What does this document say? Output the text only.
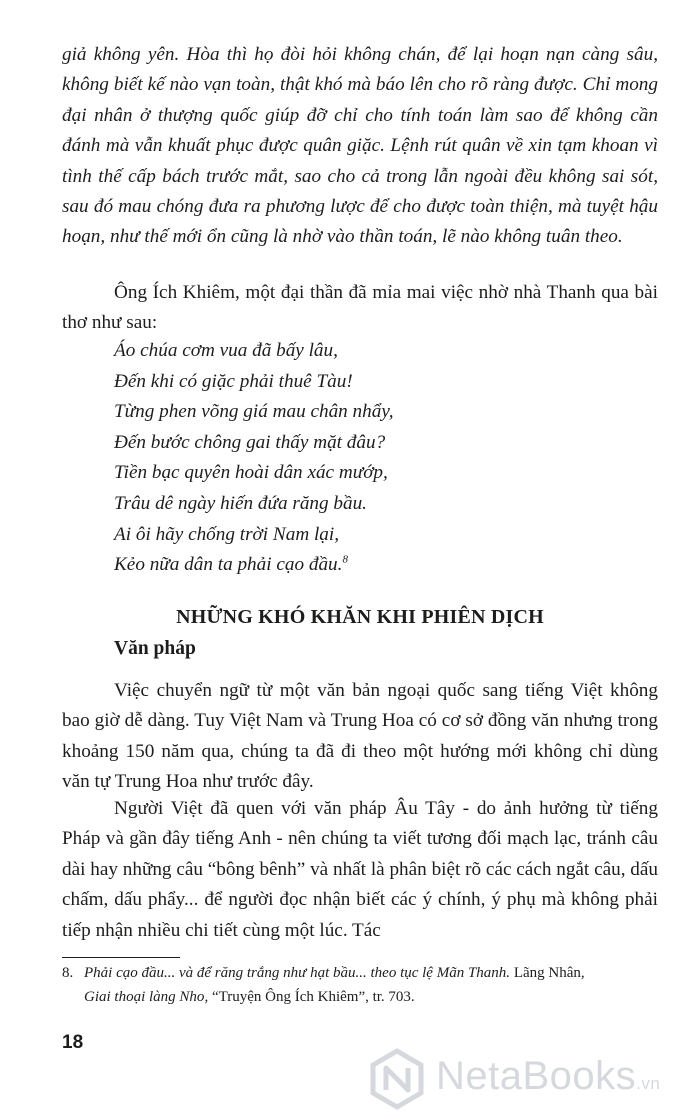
giả không yên. Hòa thì họ đòi hỏi không chán, để lại hoạn nạn càng sâu, không biết kế nào vạn toàn, thật khó mà báo lên cho rõ ràng được. Chỉ mong đại nhân ở thượng quốc giúp đỡ chỉ cho tính toán làm sao để không cần đánh mà vẫn khuất phục được quân giặc. Lệnh rút quân về xin tạm khoan vì tình thế cấp bách trước mắt, sao cho cả trong lẫn ngoài đều không sai sót, sau đó mau chóng đưa ra phương lược để cho được toàn thiện, mà tuyệt hậu hoạn, như thế mới ổn cũng là nhờ vào thần toán, lẽ nào không tuân theo.

Ông Ích Khiêm, một đại thần đã mỉa mai việc nhờ nhà Thanh qua bài thơ như sau:

Áo chúa cơm vua đã bấy lâu,
Đến khi có giặc phải thuê Tàu!
Từng phen võng giá mau chân nhẩy,
Đến bước chông gai thấy mặt đâu?
Tiền bạc quyên hoài dân xác mướp,
Trâu dê ngày hiến đứa răng bầu.
Ai ôi hãy chống trời Nam lại,
Kẻo nữa dân ta phải cạo đầu.$^8$
NHỮNG KHÓ KHĂN KHI PHIÊN DỊCH
Văn pháp

Việc chuyển ngữ từ một văn bản ngoại quốc sang tiếng Việt không bao giờ dễ dàng. Tuy Việt Nam và Trung Hoa có cơ sở đồng văn nhưng trong khoảng 150 năm qua, chúng ta đã đi theo một hướng mới không chỉ dùng văn tự Trung Hoa như trước đây.

Người Việt đã quen với văn pháp Âu Tây - do ảnh hưởng từ tiếng Pháp và gần đây tiếng Anh - nên chúng ta viết tương đối mạch lạc, tránh câu dài hay những câu “bông bênh” và nhất là phân biệt rõ các cách ngắt câu, dấu chấm, dấu phẩy... để người đọc nhận biết các ý chính, ý phụ mà không phải tiếp nhận nhiều chi tiết cùng một lúc. Tác

8. Phải cạo đầu... và để răng trắng như hạt bầu... theo tục lệ Mãn Thanh. Lãng Nhân,
Giai thoại làng Nho, “Truyện Ông Ích Khiêm”, tr. 703.

18

NetaBooks.vn
